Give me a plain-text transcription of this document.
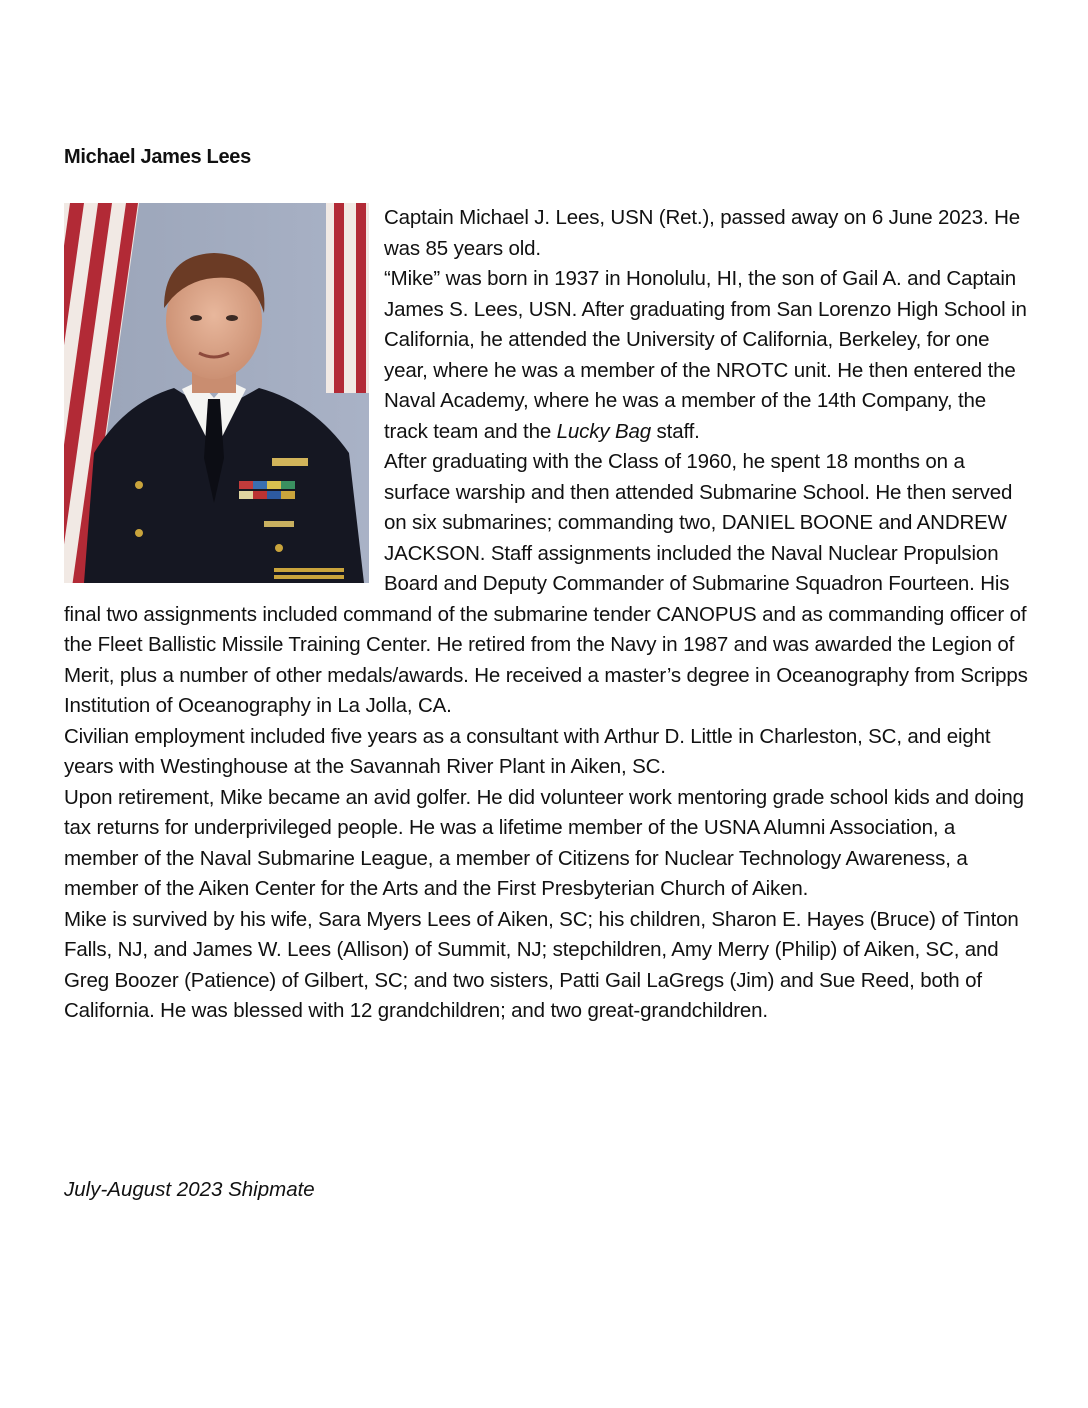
Michael James Lees

Captain Michael J. Lees, USN (Ret.), passed away on 6 June 2023. He was 85 years old.

“Mike” was born in 1937 in Honolulu, HI, the son of Gail A. and Captain James S. Lees, USN. After graduating from San Lorenzo High School in California, he attended the University of California, Berkeley, for one year, where he was a member of the NROTC unit. He then entered the Naval Academy, where he was a member of the 14th Company, the track team and the Lucky Bag staff.

After graduating with the Class of 1960, he spent 18 months on a surface warship and then attended Submarine School. He then served on six submarines; commanding two, DANIEL BOONE and ANDREW JACKSON. Staff assignments included the Naval Nuclear Propulsion Board and Deputy Commander of Submarine Squadron Fourteen. His final two assignments included command of the submarine tender CANOPUS and as commanding officer of the Fleet Ballistic Missile Training Center. He retired from the Navy in 1987 and was awarded the Legion of Merit, plus a number of other medals/awards. He received a master’s degree in Oceanography from Scripps Institution of Oceanography in La Jolla, CA.

Civilian employment included five years as a consultant with Arthur D. Little in Charleston, SC, and eight years with Westinghouse at the Savannah River Plant in Aiken, SC.

Upon retirement, Mike became an avid golfer. He did volunteer work mentoring grade school kids and doing tax returns for underprivileged people. He was a lifetime member of the USNA Alumni Association, a member of the Naval Submarine League, a member of Citizens for Nuclear Technology Awareness, a member of the Aiken Center for the Arts and the First Presbyterian Church of Aiken.

Mike is survived by his wife, Sara Myers Lees of Aiken, SC; his children, Sharon E. Hayes (Bruce) of Tinton Falls, NJ, and James W. Lees (Allison) of Summit, NJ; stepchildren, Amy Merry (Philip) of Aiken, SC, and Greg Boozer (Patience) of Gilbert, SC; and two sisters, Patti Gail LaGregs (Jim) and Sue Reed, both of California. He was blessed with 12 grandchildren; and two great-grandchildren.

July-August 2023 Shipmate
